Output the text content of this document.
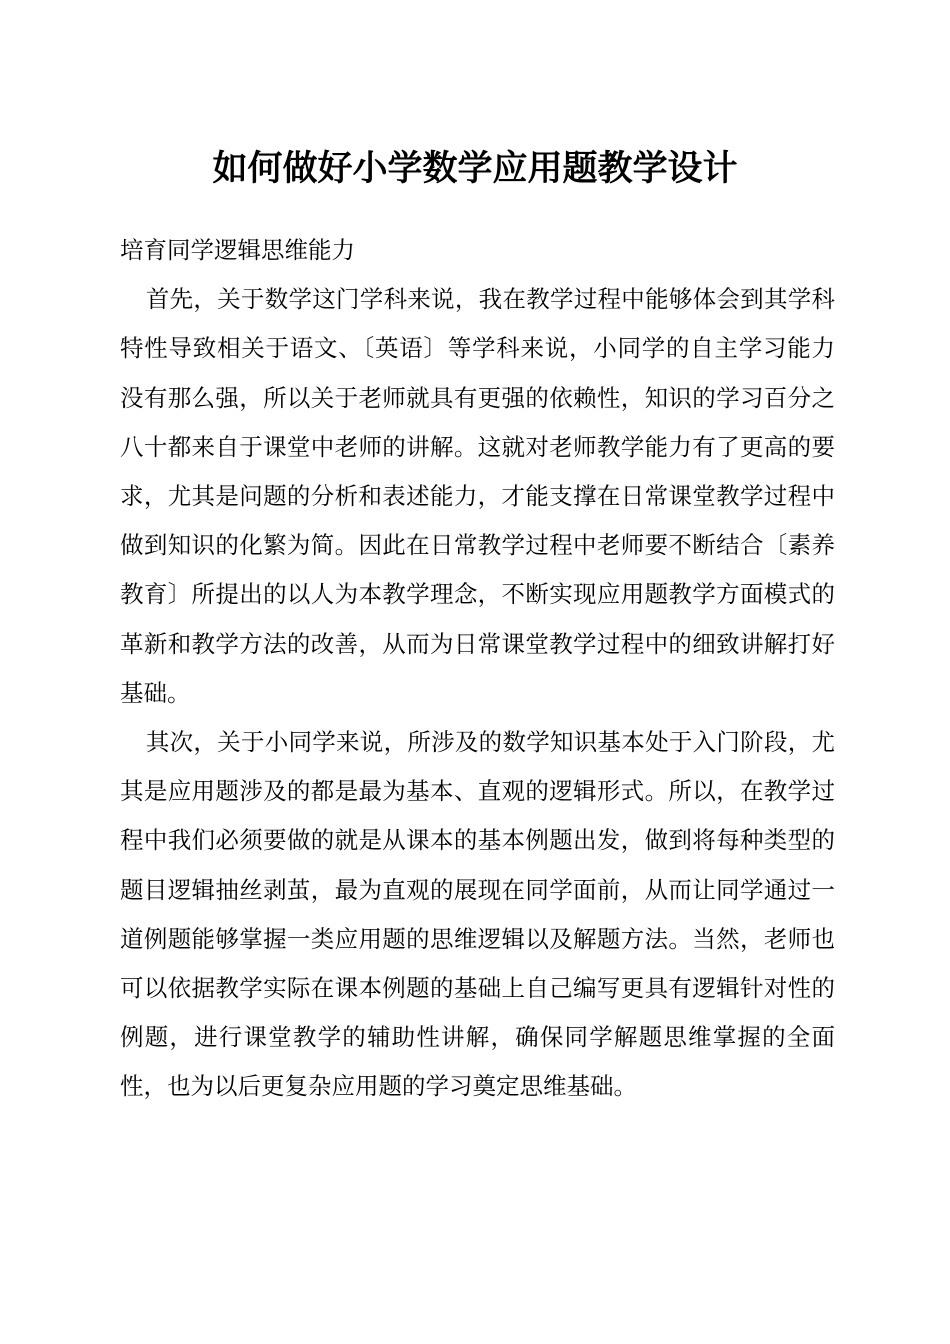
如何做好小学数学应用题教学设计

培育同学逻辑思维能力

首先，关于数学这门学科来说，我在教学过程中能够体会到其学科特性导致相关于语文、〔英语〕等学科来说，小同学的自主学习能力没有那么强，所以关于老师就具有更强的依赖性，知识的学习百分之八十都来自于课堂中老师的讲解。这就对老师教学能力有了更高的要求，尤其是问题的分析和表述能力，才能支撑在日常课堂教学过程中做到知识的化繁为简。因此在日常教学过程中老师要不断结合〔素养教育〕所提出的以人为本教学理念，不断实现应用题教学方面模式的革新和教学方法的改善，从而为日常课堂教学过程中的细致讲解打好基础。

其次，关于小同学来说，所涉及的数学知识基本处于入门阶段，尤其是应用题涉及的都是最为基本、直观的逻辑形式。所以，在教学过程中我们必须要做的就是从课本的基本例题出发，做到将每种类型的题目逻辑抽丝剥茧，最为直观的展现在同学面前，从而让同学通过一道例题能够掌握一类应用题的思维逻辑以及解题方法。当然，老师也可以依据教学实际在课本例题的基础上自己编写更具有逻辑针对性的例题，进行课堂教学的辅助性讲解，确保同学解题思维掌握的全面性，也为以后更复杂应用题的学习奠定思维基础。
